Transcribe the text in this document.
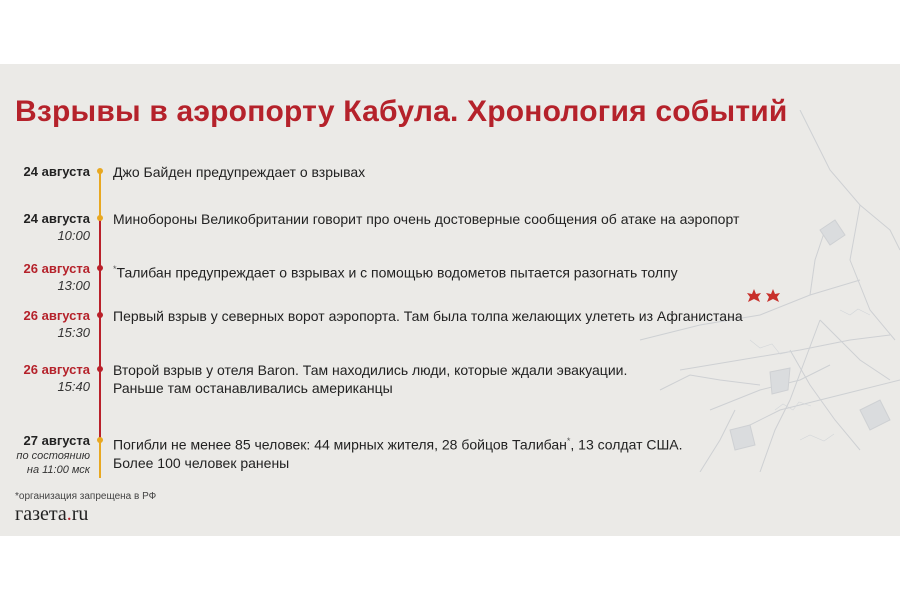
Взрывы в аэропорту Кабула. Хронология событий
24 августа Джо Байден предупреждает о взрывах
24 августа
10:00
Минобороны Великобритании говорит про очень достоверные сообщения об атаке на аэропорт
26 августа
13:00
*Талибан предупреждает о взрывах и с помощью водометов пытается разогнать толпу
26 августа
15:30
Первый взрыв у северных ворот аэропорта. Там была толпа желающих улететь из Афганистана
26 августа
15:40
Второй взрыв у отеля Baron. Там находились люди, которые ждали эвакуации.
Раньше там останавливались американцы
27 августа
по состоянию
на 11:00 мск
Погибли не менее 85 человек: 44 мирных жителя, 28 бойцов Талибан*, 13 солдат США.
Более 100 человек ранены
*организация запрещена в РФ
газета.ru
